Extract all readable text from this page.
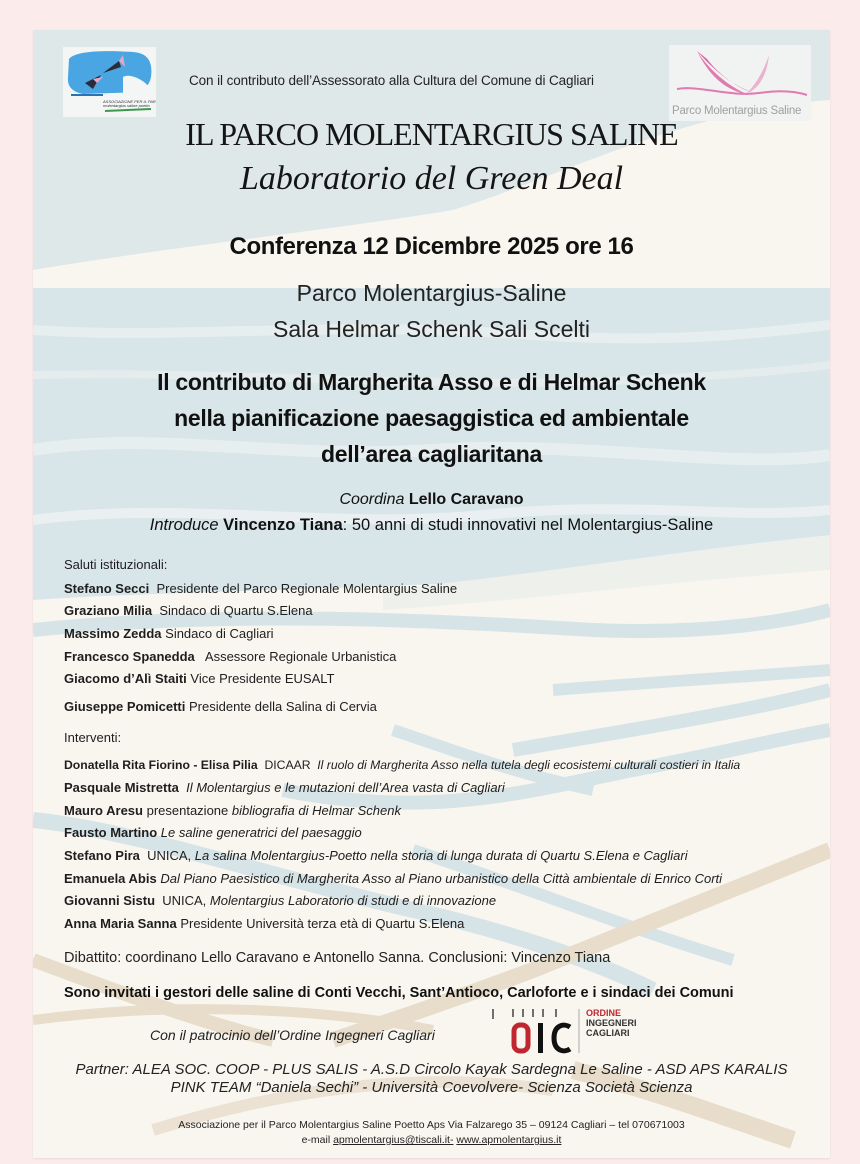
ASSOCIAZIONE PER IL PARCO
molentargius saline poetto	Parco Molentargius Saline
Con il contributo dell’Assessorato alla Cultura del Comune di Cagliari
IL PARCO MOLENTARGIUS SALINE
Laboratorio del Green Deal
Conferenza 12 Dicembre 2025 ore 16
Parco Molentargius-Saline
Sala Helmar Schenk Sali Scelti
Il contributo di Margherita Asso e di Helmar Schenk
nella pianificazione paesaggistica ed ambientale
dell’area cagliaritana
Coordina Lello Caravano
Introduce Vincenzo Tiana: 50 anni di studi innovativi nel Molentargius-Saline
Saluti istituzionali:
Stefano Secci  Presidente del Parco Regionale Molentargius Saline
Graziano Milia  Sindaco di Quartu S.Elena
Massimo Zedda Sindaco di Cagliari
Francesco Spanedda   Assessore Regionale Urbanistica
Giacomo d’Alì Staiti Vice Presidente EUSALT
Giuseppe Pomicetti Presidente della Salina di Cervia
Interventi:
Donatella Rita Fiorino - Elisa Pilia  DICAAR  Il ruolo di Margherita Asso nella tutela degli ecosistemi culturali costieri in Italia
Pasquale Mistretta Il Molentargius e le mutazioni dell’Area vasta di Cagliari
Mauro Aresu presentazione bibliografia di Helmar Schenk
Fausto Martino Le saline generatrici del paesaggio
Stefano Pira  UNICA, La salina Molentargius-Poetto nella storia di lunga durata di Quartu S.Elena e Cagliari
Emanuela Abis Dal Piano Paesistico di Margherita Asso al Piano urbanistico della Città ambientale di Enrico Corti
Giovanni Sistu  UNICA, Molentargius Laboratorio di studi e di innovazione
Anna Maria Sanna Presidente Università terza età di Quartu S.Elena
Dibattito: coordinano Lello Caravano e Antonello Sanna. Conclusioni: Vincenzo Tiana
Sono invitati i gestori delle saline di Conti Vecchi, Sant’Antioco, Carloforte e i sindaci dei Comuni
Con il patrocinio dell’Ordine Ingegneri Cagliari
ORDINE
INGEGNERI
CAGLIARI
Partner: ALEA SOC. COOP - PLUS SALIS - A.S.D Circolo Kayak Sardegna Le Saline - ASD APS KARALIS
PINK TEAM “Daniela Sechi” - Università Coevolvere- Scienza Società Scienza
Associazione per il Parco Molentargius Saline Poetto Aps Via Falzarego 35 – 09124 Cagliari – tel 070671003
e-mail apmolentargius@tiscali.it- www.apmolentargius.it
